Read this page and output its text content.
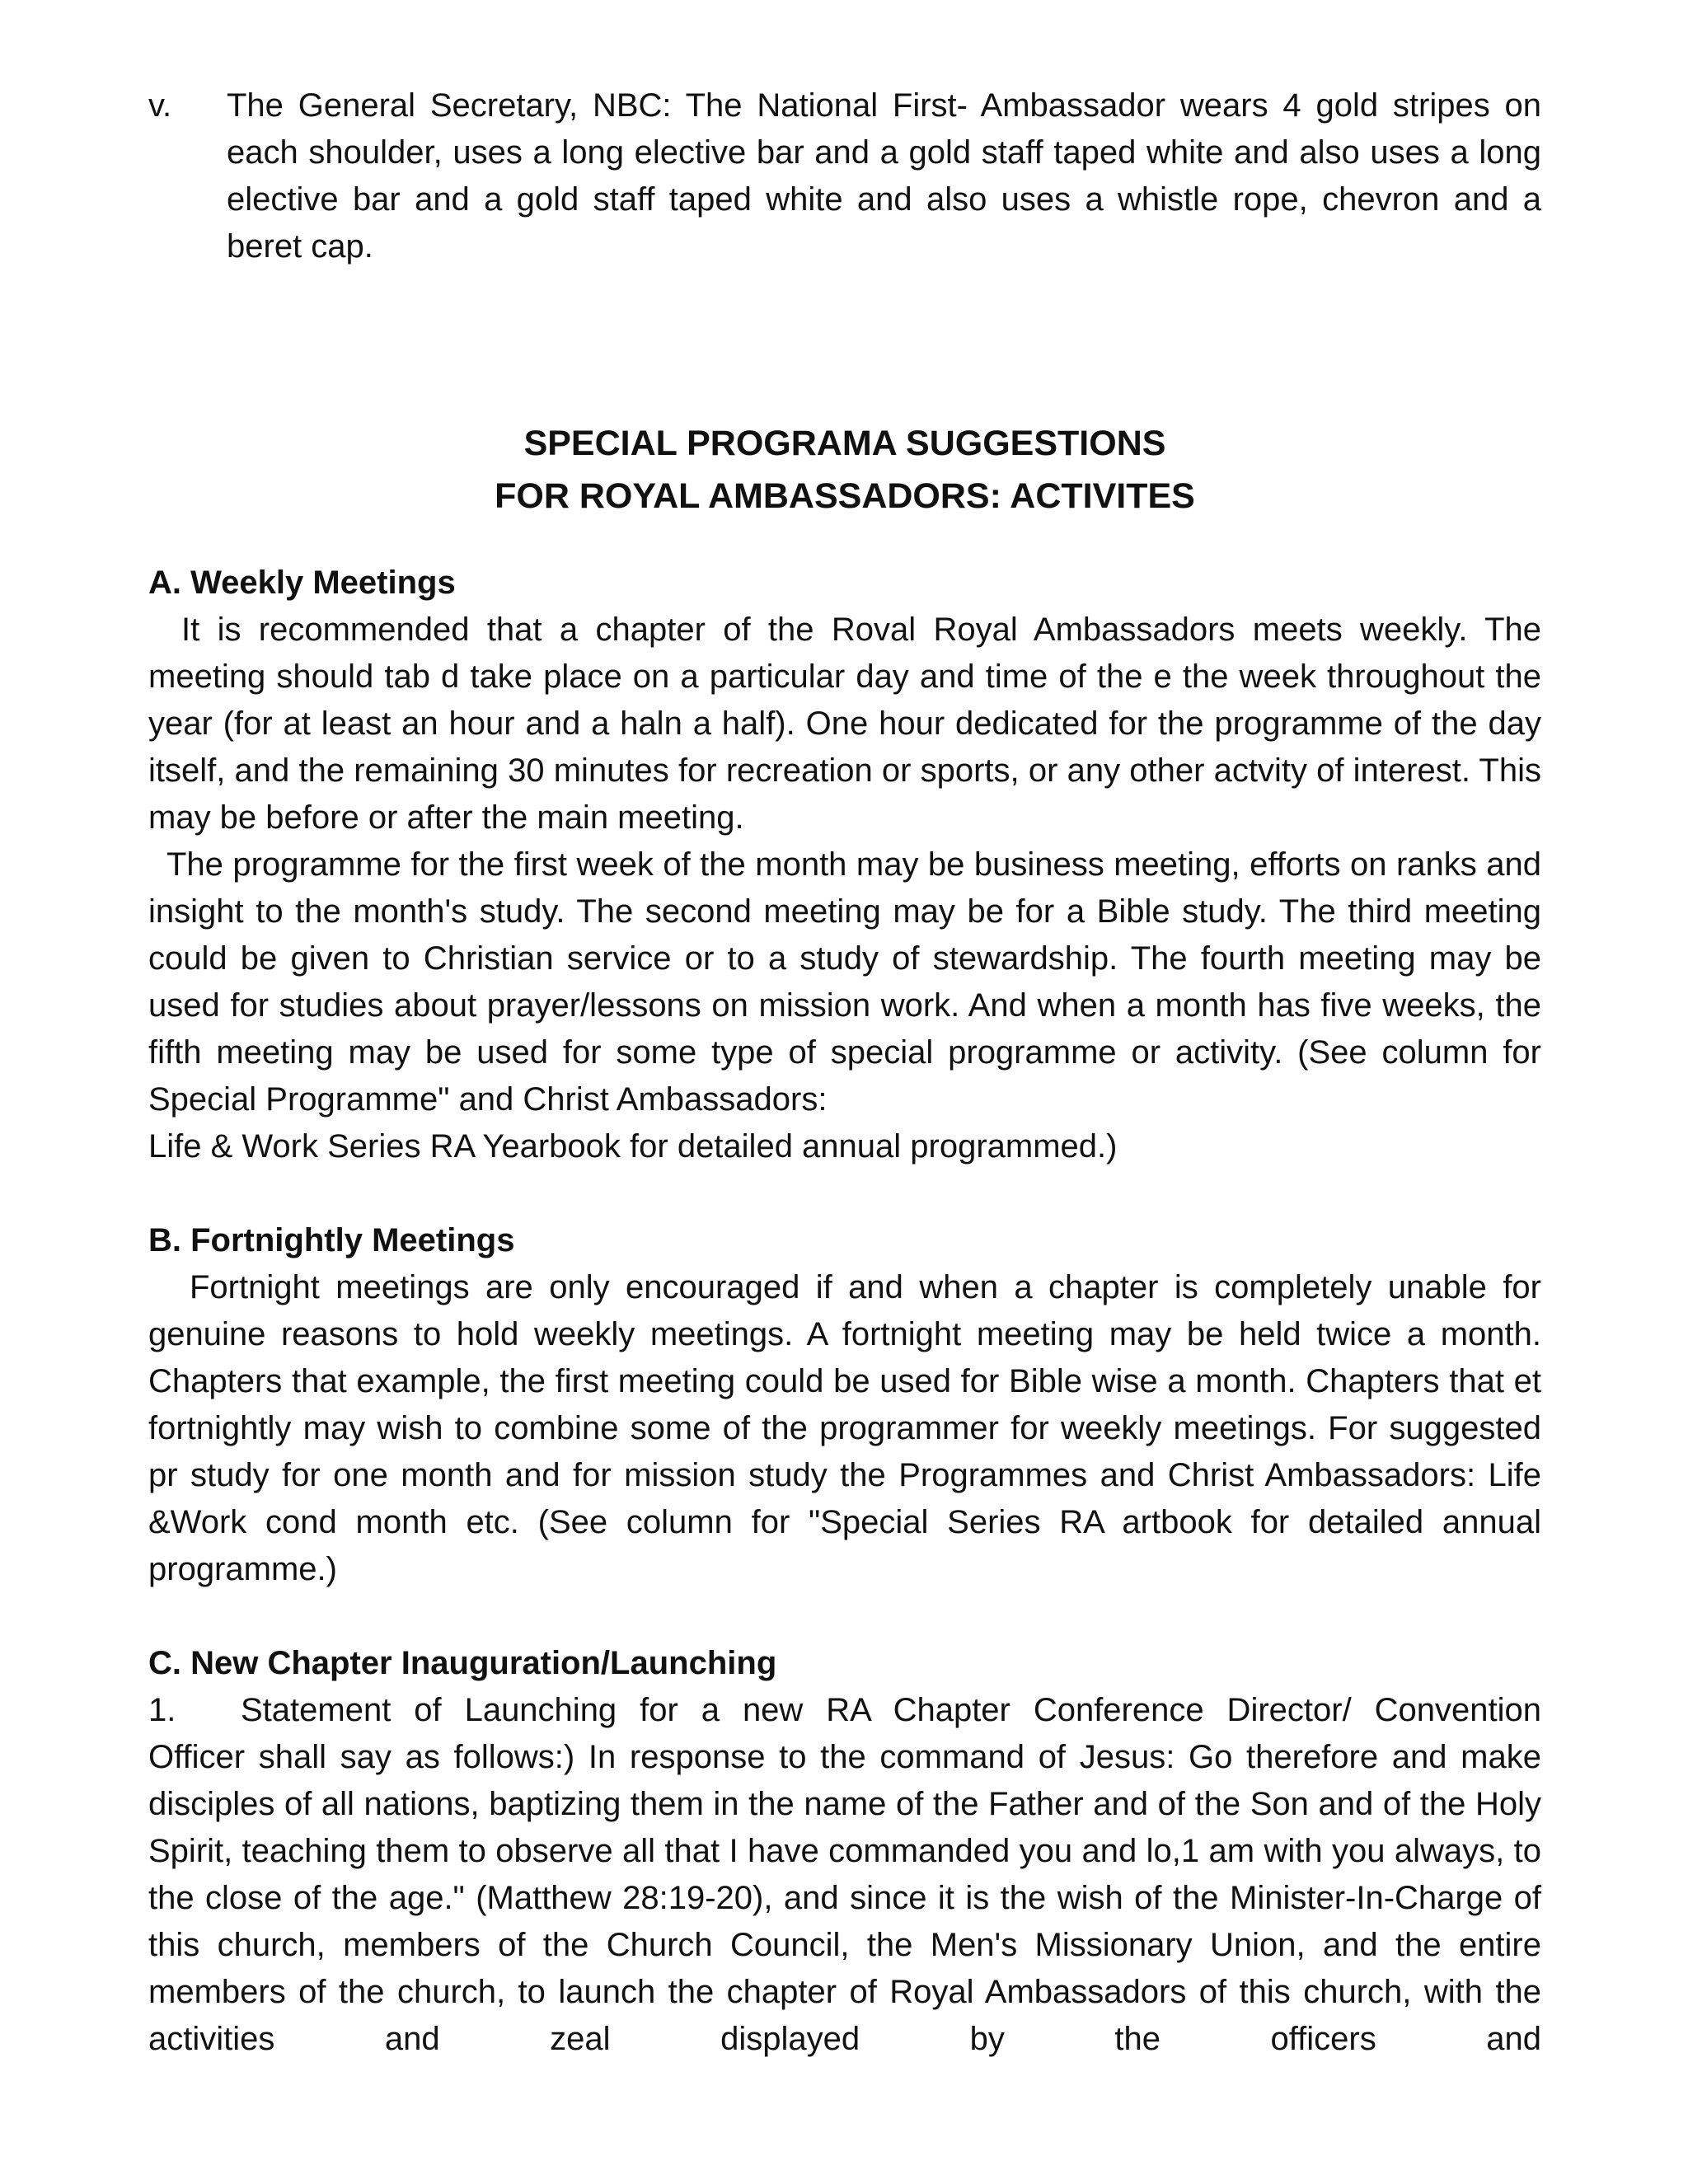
v.	The General Secretary, NBC: The National First- Ambassador wears 4 gold stripes on each shoulder, uses a long elective bar and a gold staff taped white and also uses a long elective bar and a gold staff taped white and also uses a whistle rope, chevron and a beret cap.

SPECIAL PROGRAMA SUGGESTIONS
FOR ROYAL AMBASSADORS: ACTIVITES
A. Weekly Meetings

It is recommended that a chapter of the Roval Royal Ambassadors meets weekly. The meeting should tab d take place on a particular day and time of the e the week throughout the year (for at least an hour and a haln a half). One hour dedicated for the programme of the day itself, and the remaining 30 minutes for recreation or sports, or any other actvity of interest. This may be before or after the main meeting.

The programme for the first week of the month may be business meeting, efforts on ranks and insight to the month's study. The second meeting may be for a Bible study. The third meeting could be given to Christian service or to a study of stewardship. The fourth meeting may be used for studies about prayer/lessons on mission work. And when a month has five weeks, the fifth meeting may be used for some type of special programme or activity. (See column for Special Programme" and Christ Ambassadors:

Life & Work Series RA Yearbook for detailed annual programmed.)

B. Fortnightly Meetings

Fortnight meetings are only encouraged if and when a chapter is completely unable for genuine reasons to hold weekly meetings. A fortnight meeting may be held twice a month. Chapters that example, the first meeting could be used for Bible wise a month. Chapters that et fortnightly may wish to combine some of the programmer for weekly meetings. For suggested pr study for one month and for mission study the Programmes and Christ Ambassadors: Life &Work cond month etc. (See column for "Special Series RA artbook for detailed annual programme.)

C. New Chapter Inauguration/Launching
1.	Statement of Launching for a new RA Chapter Conference Director/ Convention

Officer shall say as follows:) In response to the command of Jesus: Go therefore and make disciples of all nations, baptizing them in the name of the Father and of the Son and of the Holy Spirit, teaching them to observe all that I have commanded you and lo,1 am with you always, to the close of the age." (Matthew 28:19-20), and since it is the wish of the Minister-In-Charge of this church, members of the Church Council, the Men's Missionary Union, and the entire members of the church, to launch the chapter of Royal Ambassadors of this church, with the activities and zeal displayed by the officers and
